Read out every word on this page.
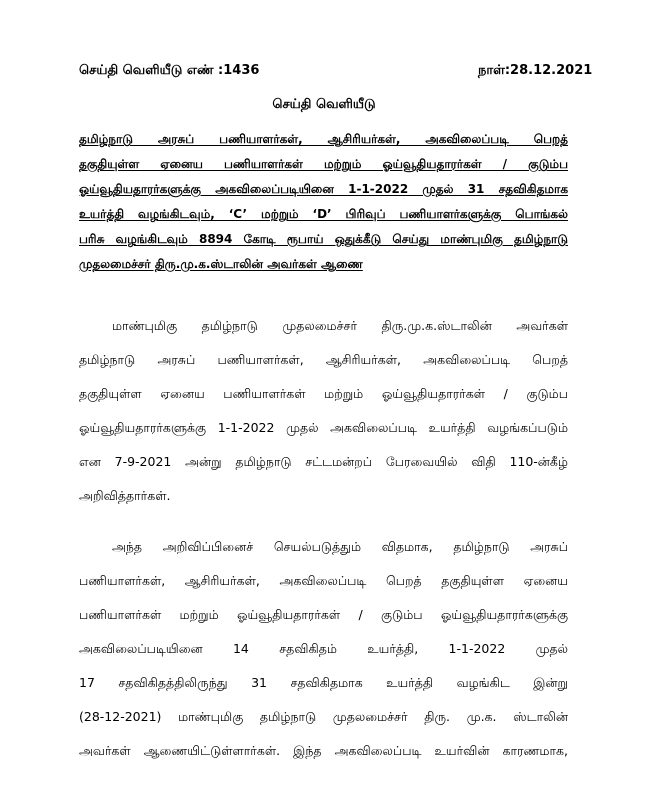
செய்தி வெளியீடு எண் :1436	நாள்:28.12.2021
செய்தி வெளியீடு
தமிழ்நாடு அரசுப் பணியாளர்கள், ஆசிரியர்கள், அகவிலைப்படி பெறத்
தகுதியுள்ள ஏனைய பணியாளர்கள் மற்றும் ஓய்வூதியதாரர்கள் / குடும்ப
ஓய்வூதியதாரர்களுக்கு அகவிலைப்படியினை 1-1-2022 முதல் 31 சதவிகிதமாக
உயர்த்தி வழங்கிடவும், ‘C’ மற்றும் ‘D’ பிரிவுப் பணியாளர்களுக்கு பொங்கல்
பரிசு வழங்கிடவும் 8894 கோடி ரூபாய் ஒதுக்கீடு செய்து மாண்புமிகு தமிழ்நாடு
முதலமைச்சர் திரு.மு.க.ஸ்டாலின் அவர்கள் ஆணை
மாண்புமிகு தமிழ்நாடு முதலமைச்சர் திரு.மு.க.ஸ்டாலின் அவர்கள்
தமிழ்நாடு அரசுப் பணியாளர்கள், ஆசிரியர்கள், அகவிலைப்படி பெறத்
தகுதியுள்ள ஏனைய பணியாளர்கள் மற்றும் ஓய்வூதியதாரர்கள் / குடும்ப
ஓய்வூதியதாரர்களுக்கு 1-1-2022 முதல் அகவிலைப்படி உயர்த்தி வழங்கப்படும்
என 7-9-2021 அன்று தமிழ்நாடு சட்டமன்றப் பேரவையில் விதி 110-ன்கீழ்
அறிவித்தார்கள்.
அந்த அறிவிப்பினைச் செயல்படுத்தும் விதமாக, தமிழ்நாடு அரசுப்
பணியாளர்கள், ஆசிரியர்கள், அகவிலைப்படி பெறத் தகுதியுள்ள ஏனைய
பணியாளர்கள் மற்றும் ஓய்வூதியதாரர்கள் / குடும்ப ஓய்வூதியதாரர்களுக்கு
அகவிலைப்படியினை 14 சதவிகிதம் உயர்த்தி, 1-1-2022 முதல்
17 சதவிகிதத்திலிருந்து 31 சதவிகிதமாக உயர்த்தி வழங்கிட இன்று
(28-12-2021) மாண்புமிகு தமிழ்நாடு முதலமைச்சர் திரு. மு.க. ஸ்டாலின்
அவர்கள் ஆணையிட்டுள்ளார்கள். இந்த அகவிலைப்படி உயர்வின் காரணமாக,
